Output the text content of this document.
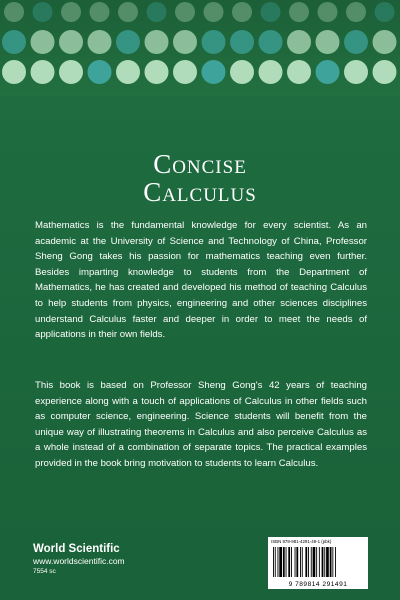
Concise
Calculus

Mathematics is the fundamental knowledge for every scientist. As an academic at the University of Science and Technology of China, Professor Sheng Gong takes his passion for mathematics teaching even further. Besides imparting knowledge to students from the Department of Mathematics, he has created and developed his method of teaching Calculus to help students from physics, engineering and other sciences disciplines understand Calculus faster and deeper in order to meet the needs of applications in their own fields.

This book is based on Professor Sheng Gong's 42 years of teaching experience along with a touch of applications of Calculus in other fields such as computer science, engineering. Science students will benefit from the unique way of illustrating theorems in Calculus and also perceive Calculus as a whole instead of a combination of separate topics. The practical examples provided in the book bring motivation to students to learn Calculus.

World Scientific
www.worldscientific.com
7554 sc
ISBN 978-981-4291-49-1 (pbk)
9 789814 291491
